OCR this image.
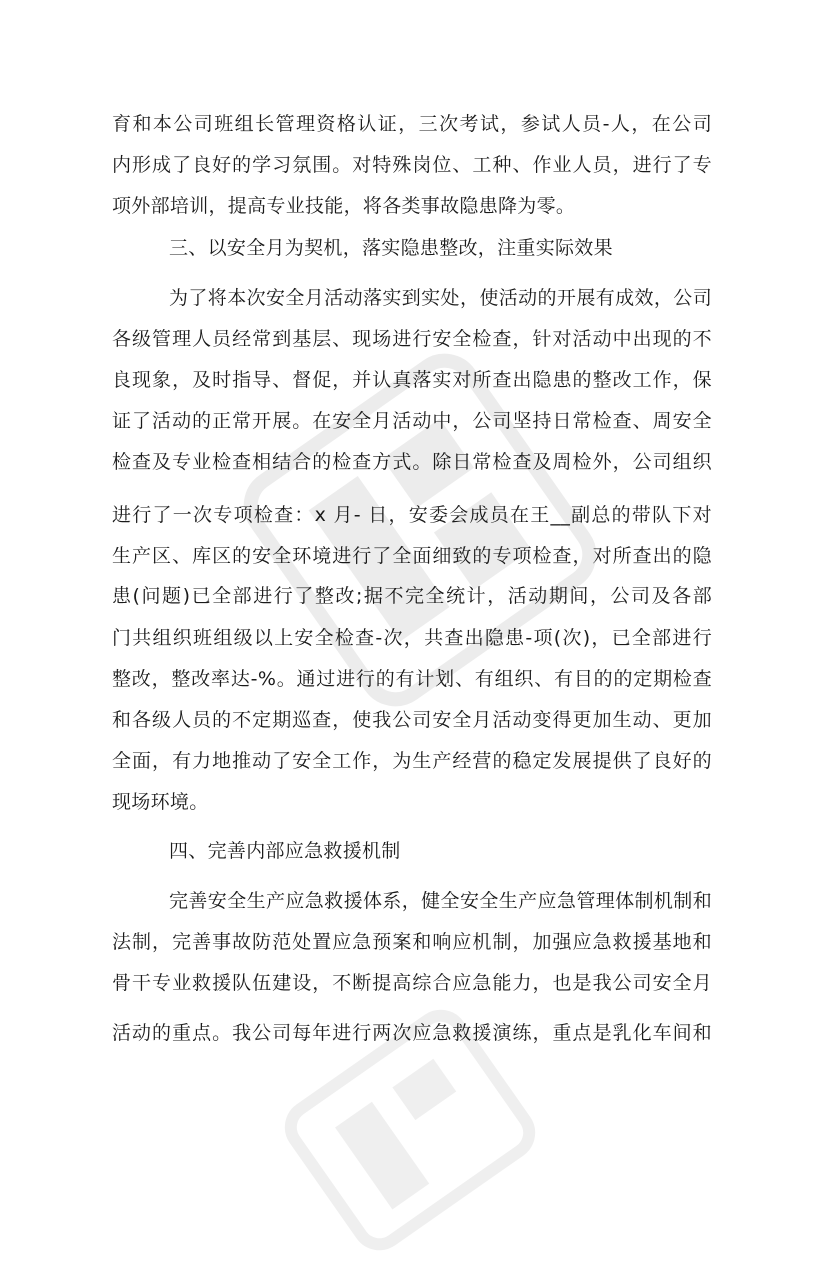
育和本公司班组长管理资格认证，三次考试，参试人员-人，在公司
内形成了良好的学习氛围。对特殊岗位、工种、作业人员，进行了专
项外部培训，提高专业技能，将各类事故隐患降为零。
三、以安全月为契机，落实隐患整改，注重实际效果
为了将本次安全月活动落实到实处，使活动的开展有成效，公司
各级管理人员经常到基层、现场进行安全检查，针对活动中出现的不
良现象，及时指导、督促，并认真落实对所查出隐患的整改工作，保
证了活动的正常开展。在安全月活动中，公司坚持日常检查、周安全
检查及专业检查相结合的检查方式。除日常检查及周检外，公司组织
进行了一次专项检查：x 月- 日，安委会成员在王__副总的带队下对
生产区、库区的安全环境进行了全面细致的专项检查，对所查出的隐
患(问题)已全部进行了整改;据不完全统计，活动期间，公司及各部
门共组织班组级以上安全检查-次，共查出隐患-项(次)，已全部进行
整改，整改率达-%。通过进行的有计划、有组织、有目的的定期检查
和各级人员的不定期巡查，使我公司安全月活动变得更加生动、更加
全面，有力地推动了安全工作，为生产经营的稳定发展提供了良好的
现场环境。
四、完善内部应急救援机制
完善安全生产应急救援体系，健全安全生产应急管理体制机制和
法制，完善事故防范处置应急预案和响应机制，加强应急救援基地和
骨干专业救援队伍建设，不断提高综合应急能力，也是我公司安全月
活动的重点。我公司每年进行两次应急救援演练，重点是乳化车间和
